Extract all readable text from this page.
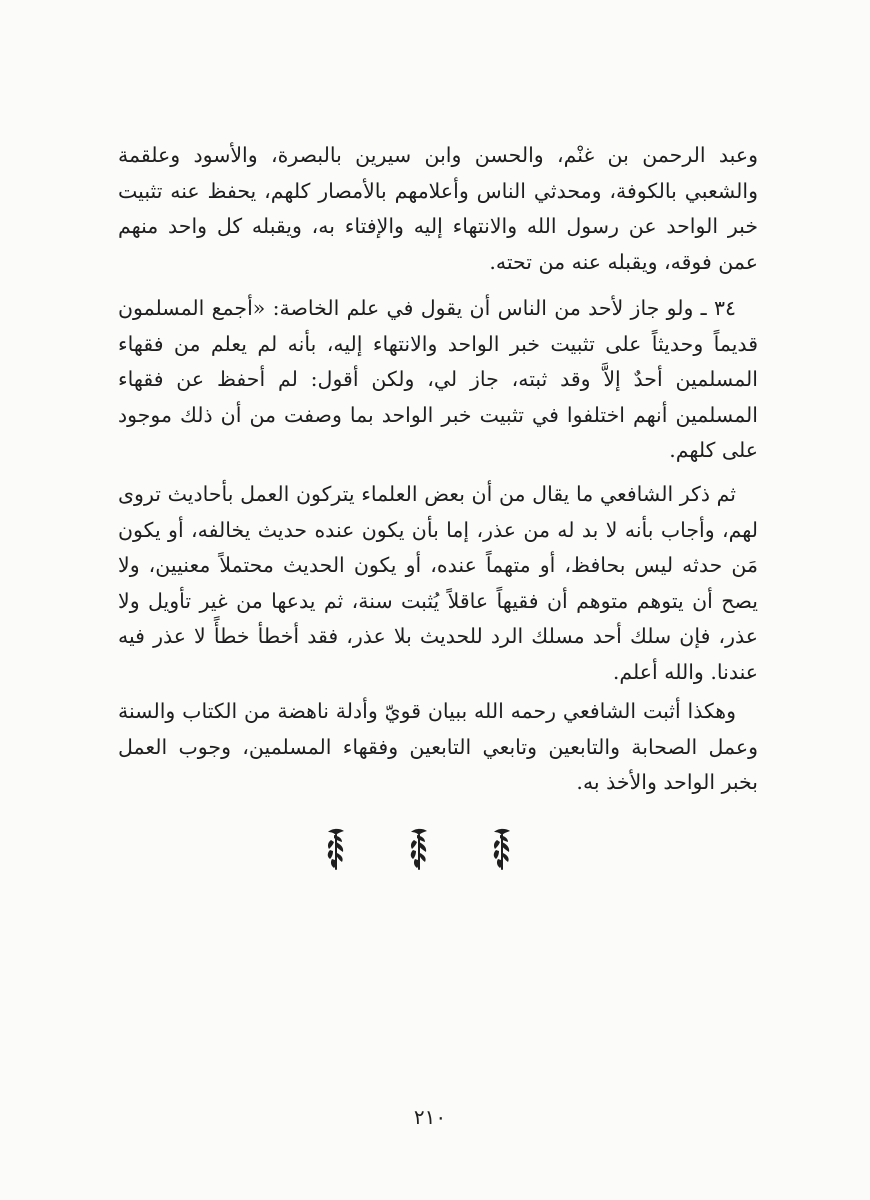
وعبد الرحمن بن غنْم، والحسن وابن سيرين بالبصرة، والأسود وعلقمة والشعبي بالكوفة، ومحدثي الناس وأعلامهم بالأمصار كلهم، يحفظ عنه تثبيت خبر الواحد عن رسول الله والانتهاء إليه والإفتاء به، ويقبله كل واحد منهم عمن فوقه، ويقبله عنه من تحته.

٣٤ ـ ولو جاز لأحد من الناس أن يقول في علم الخاصة: «أجمع المسلمون قديماً وحديثاً على تثبيت خبر الواحد والانتهاء إليه، بأنه لم يعلم من فقهاء المسلمين أحدٌ إلاَّ وقد ثبته، جاز لي، ولكن أقول: لم أحفظ عن فقهاء المسلمين أنهم اختلفوا في تثبيت خبر الواحد بما وصفت من أن ذلك موجود على كلهم.

ثم ذكر الشافعي ما يقال من أن بعض العلماء يتركون العمل بأحاديث تروى لهم، وأجاب بأنه لا بد له من عذر، إما بأن يكون عنده حديث يخالفه، أو يكون مَن حدثه ليس بحافظ، أو متهماً عنده، أو يكون الحديث محتملاً معنيين، ولا يصح أن يتوهم متوهم أن فقيهاً عاقلاً يُثبت سنة، ثم يدعها من غير تأويل ولا عذر، فإن سلك أحد مسلك الرد للحديث بلا عذر، فقد أخطأ خطأً لا عذر فيه عندنا. والله أعلم.

وهكذا أثبت الشافعي رحمه الله ببيان قويّ وأدلة ناهضة من الكتاب والسنة وعمل الصحابة والتابعين وتابعي التابعين وفقهاء المسلمين، وجوب العمل بخبر الواحد والأخذ به.

٢١٠
